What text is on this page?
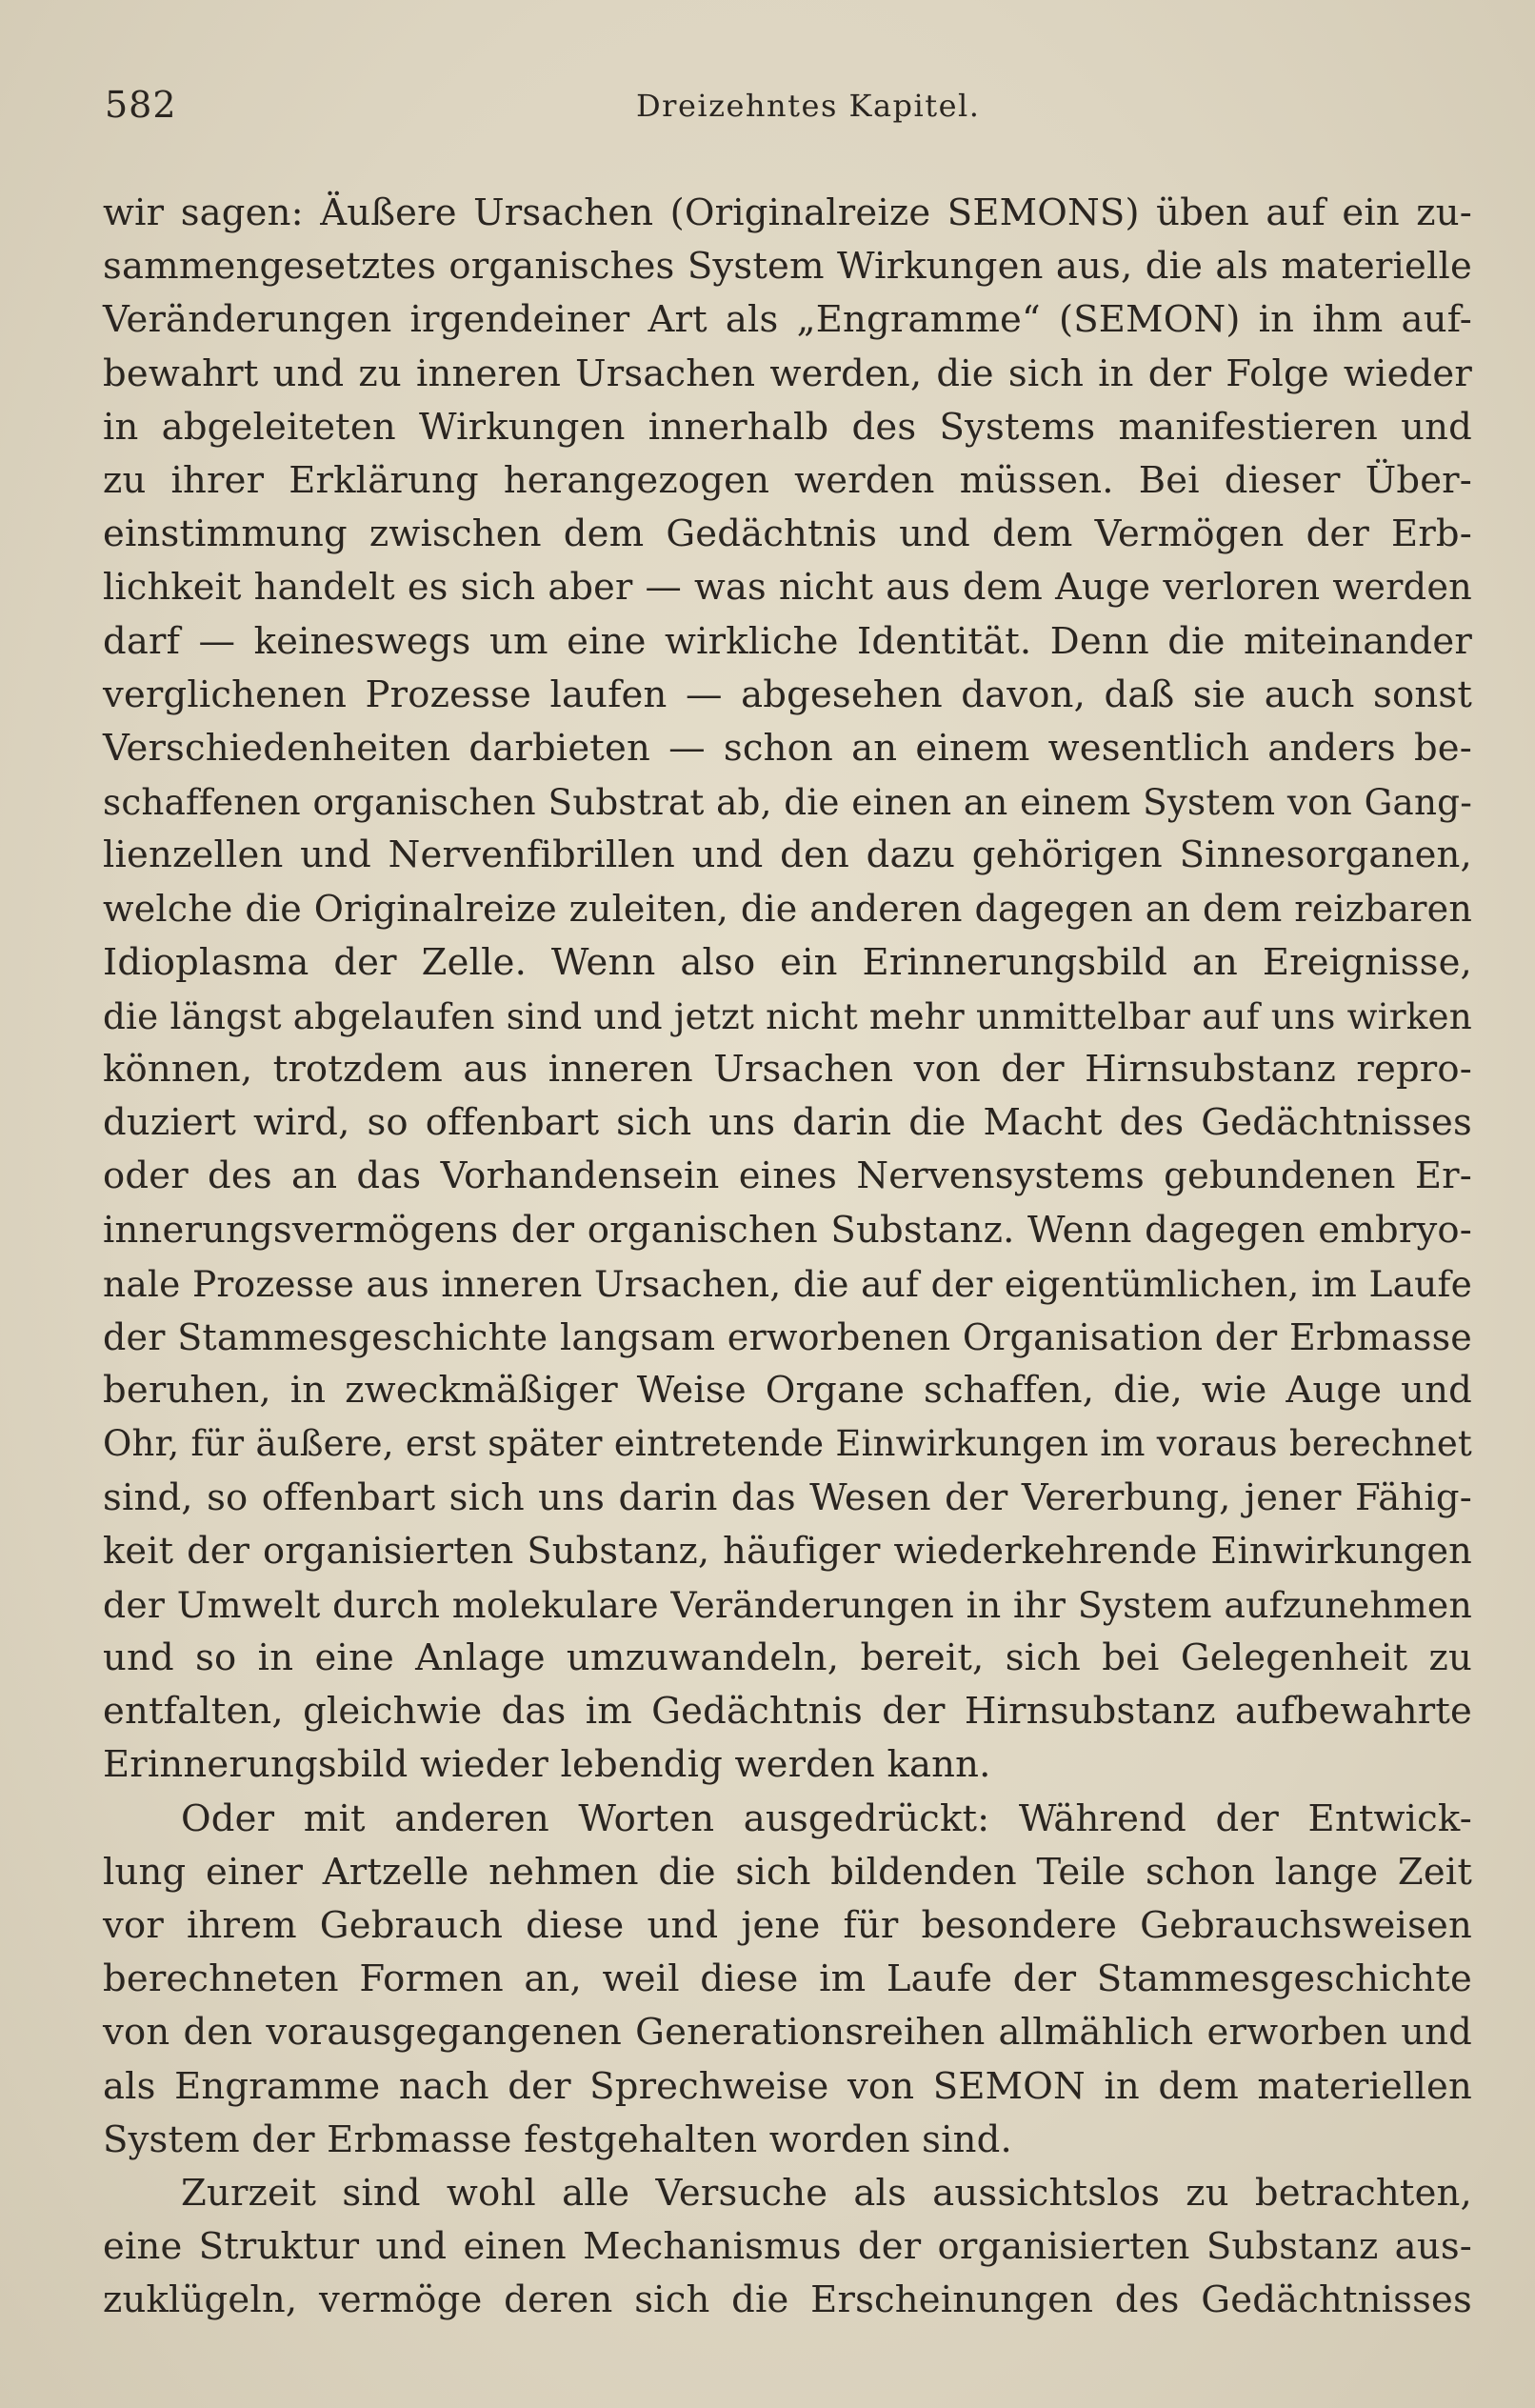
582	Dreizehntes Kapitel.
wir sagen: Äußere Ursachen (Originalreize SEMONS) üben auf ein zu-
sammengesetztes organisches System Wirkungen aus, die als materielle
Veränderungen irgendeiner Art als „Engramme“ (SEMON) in ihm auf-
bewahrt und zu inneren Ursachen werden, die sich in der Folge wieder
in abgeleiteten Wirkungen innerhalb des Systems manifestieren und
zu ihrer Erklärung herangezogen werden müssen. Bei dieser Über-
einstimmung zwischen dem Gedächtnis und dem Vermögen der Erb-
lichkeit handelt es sich aber — was nicht aus dem Auge verloren werden
darf — keineswegs um eine wirkliche Identität. Denn die miteinander
verglichenen Prozesse laufen — abgesehen davon, daß sie auch sonst
Verschiedenheiten darbieten — schon an einem wesentlich anders be-
schaffenen organischen Substrat ab, die einen an einem System von Gang-
lienzellen und Nervenfibrillen und den dazu gehörigen Sinnesorganen,
welche die Originalreize zuleiten, die anderen dagegen an dem reizbaren
Idioplasma der Zelle. Wenn also ein Erinnerungsbild an Ereignisse,
die längst abgelaufen sind und jetzt nicht mehr unmittelbar auf uns wirken
können, trotzdem aus inneren Ursachen von der Hirnsubstanz repro-
duziert wird, so offenbart sich uns darin die Macht des Gedächtnisses
oder des an das Vorhandensein eines Nervensystems gebundenen Er-
innerungsvermögens der organischen Substanz. Wenn dagegen embryo-
nale Prozesse aus inneren Ursachen, die auf der eigentümlichen, im Laufe
der Stammesgeschichte langsam erworbenen Organisation der Erbmasse
beruhen, in zweckmäßiger Weise Organe schaffen, die, wie Auge und
Ohr, für äußere, erst später eintretende Einwirkungen im voraus berechnet
sind, so offenbart sich uns darin das Wesen der Vererbung, jener Fähig-
keit der organisierten Substanz, häufiger wiederkehrende Einwirkungen
der Umwelt durch molekulare Veränderungen in ihr System aufzunehmen
und so in eine Anlage umzuwandeln, bereit, sich bei Gelegenheit zu
entfalten, gleichwie das im Gedächtnis der Hirnsubstanz aufbewahrte
Erinnerungsbild wieder lebendig werden kann.
Oder mit anderen Worten ausgedrückt: Während der Entwick-
lung einer Artzelle nehmen die sich bildenden Teile schon lange Zeit
vor ihrem Gebrauch diese und jene für besondere Gebrauchsweisen
berechneten Formen an, weil diese im Laufe der Stammesgeschichte
von den vorausgegangenen Generationsreihen allmählich erworben und
als Engramme nach der Sprechweise von SEMON in dem materiellen
System der Erbmasse festgehalten worden sind.
Zurzeit sind wohl alle Versuche als aussichtslos zu betrachten,
eine Struktur und einen Mechanismus der organisierten Substanz aus-
zuklügeln, vermöge deren sich die Erscheinungen des Gedächtnisses
